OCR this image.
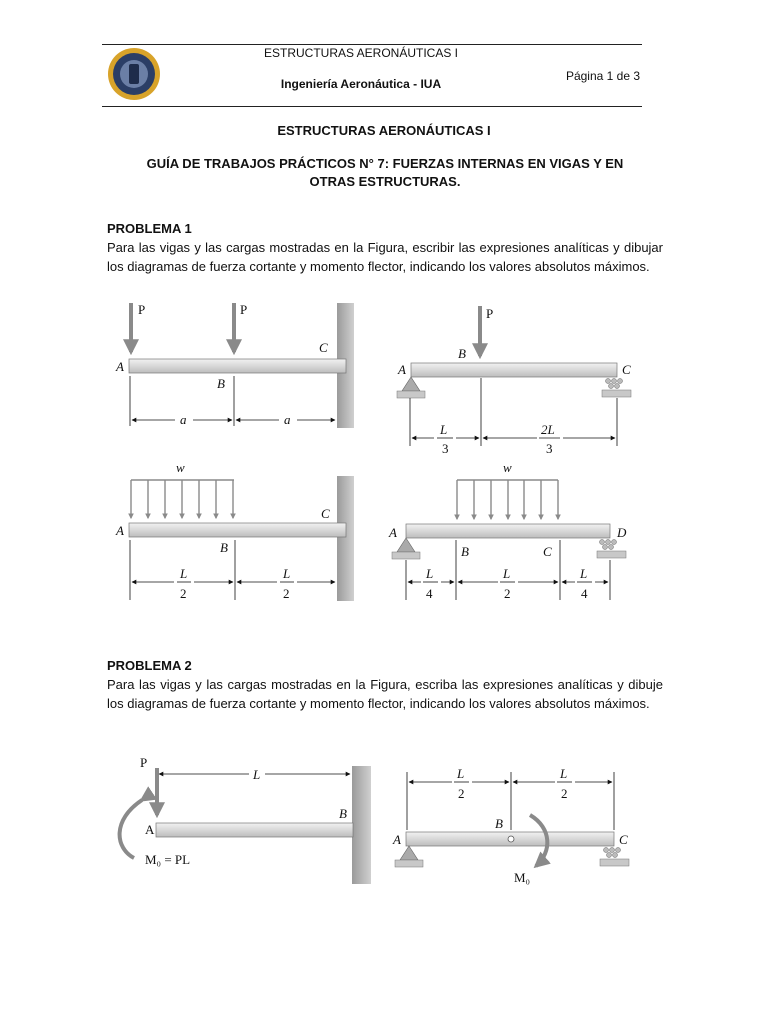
ESTRUCTURAS AERONÁUTICAS I
Ingeniería Aeronáutica - IUA
Página 1 de 3
ESTRUCTURAS AERONÁUTICAS I
GUÍA DE TRABAJOS PRÁCTICOS N° 7: FUERZAS INTERNAS EN VIGAS Y EN
OTRAS ESTRUCTURAS.
PROBLEMA 1
Para las vigas y las cargas mostradas en la Figura, escribir las expresiones analíticas y dibujar los diagramas de fuerza cortante y momento flector, indicando los valores absolutos máximos.
P	P
A
B
C
a	a
P
B
A	C
L
3
2L
3
w
A
B
C
L
2
L
2
w
A
B	C
D
L
4
L
2
L
4
P
L
A
B
M₀ = PL
A
B
C
L
2
L
2
M₀
PROBLEMA 2
Para las vigas y las cargas mostradas en la Figura, escriba las expresiones analíticas y dibuje los diagramas de fuerza cortante y momento flector, indicando los valores absolutos máximos.
